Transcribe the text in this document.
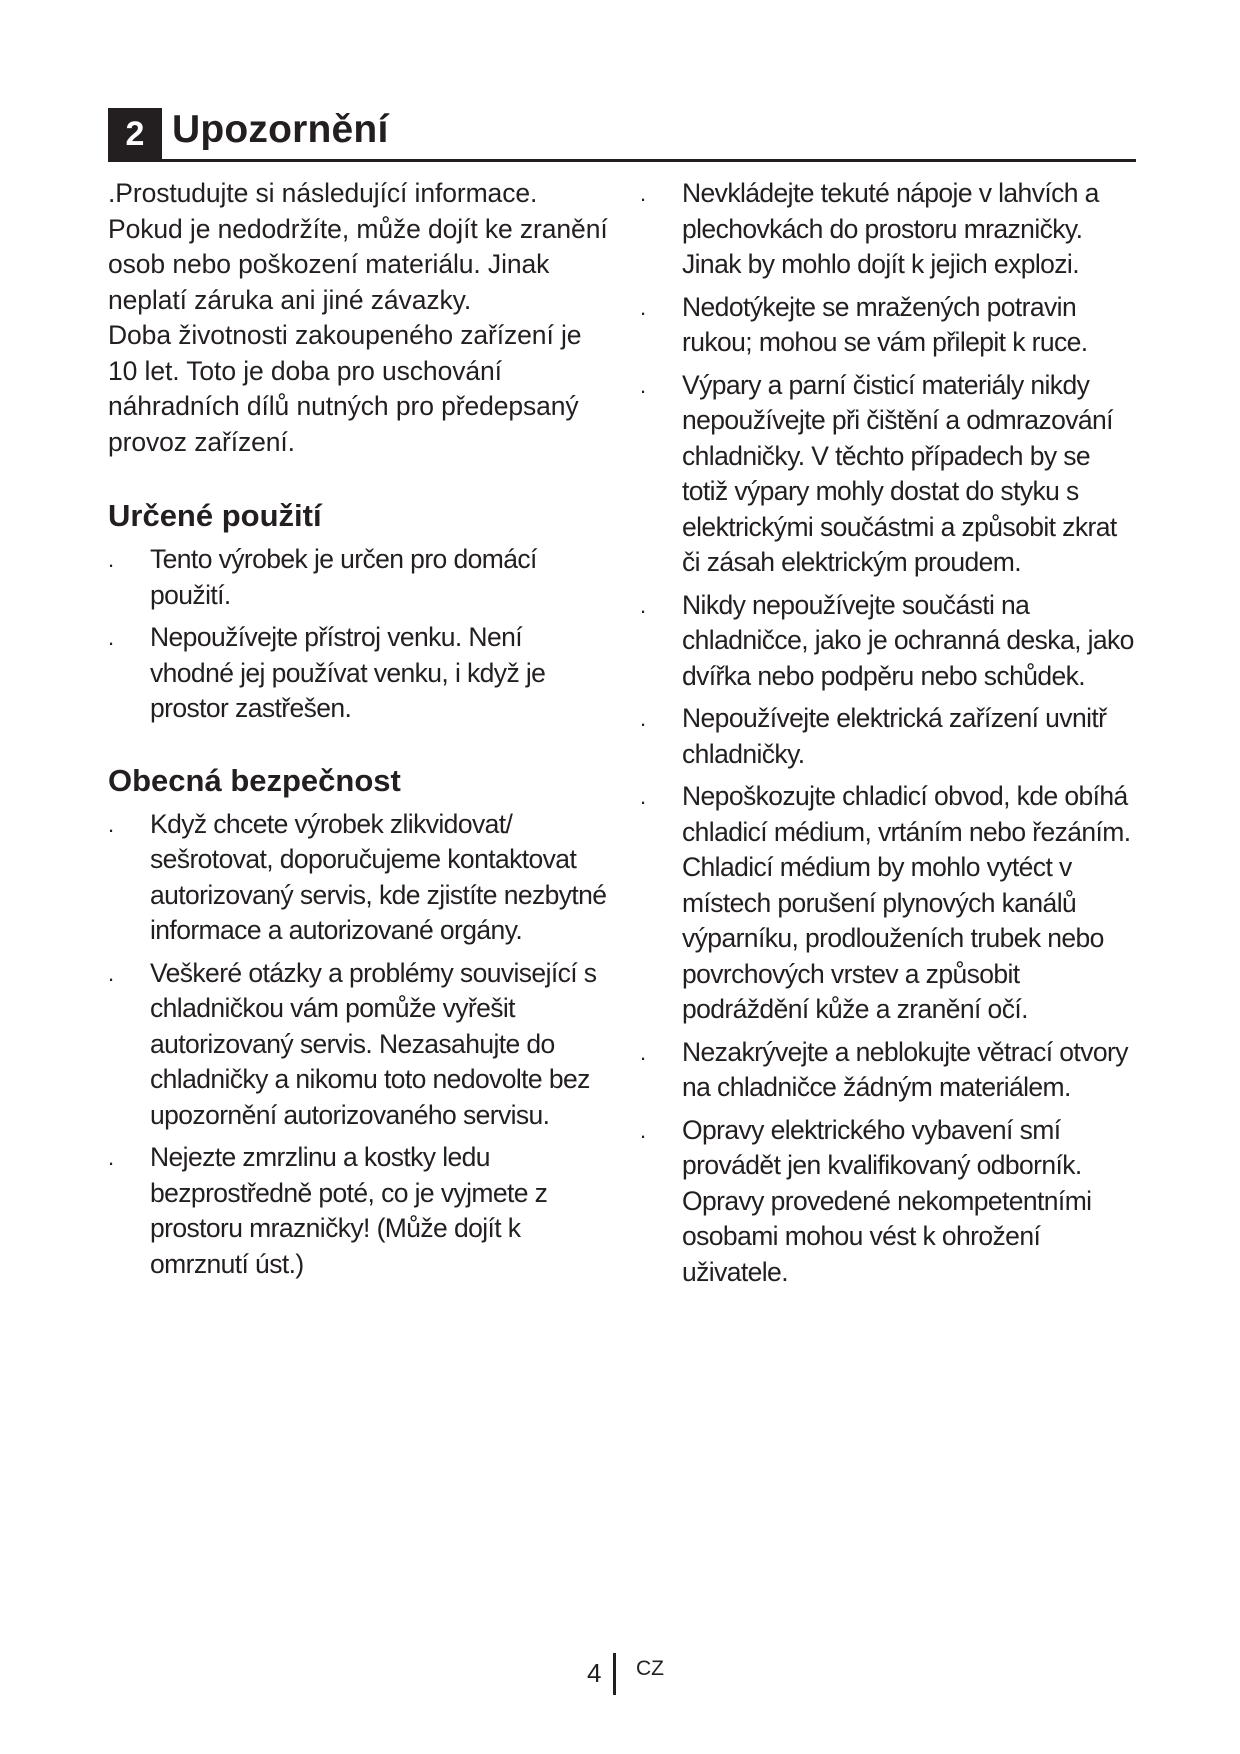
2 Upozornění

.Prostudujte si následující informace. Pokud je nedodržíte, může dojít ke zranění osob nebo poškození materiálu. Jinak neplatí záruka ani jiné závazky.

Doba životnosti zakoupeného zařízení je 10 let. Toto je doba pro uschování náhradních dílů nutných pro předepsaný provoz zařízení.

Určené použití
. Tento výrobek je určen pro domácí použití.
. Nepoužívejte přístroj venku. Není vhodné jej používat venku, i když je prostor zastřešen.
Obecná bezpečnost
. Když chcete výrobek zlikvidovat/ sešrotovat, doporučujeme kontaktovat autorizovaný servis, kde zjistíte nezbytné informace a autorizované orgány.
. Veškeré otázky a problémy související s chladničkou vám pomůže vyřešit autorizovaný servis. Nezasahujte do chladničky a nikomu toto nedovolte bez upozornění autorizovaného servisu.
. Nejezte zmrzlinu a kostky ledu bezprostředně poté, co je vyjmete z prostoru mrazničky! (Může dojít k omrznutí úst.)
. Nevkládejte tekuté nápoje v lahvích a plechovkách do prostoru mrazničky. Jinak by mohlo dojít k jejich explozi.
. Nedotýkejte se mražených potravin rukou; mohou se vám přilepit k ruce.
. Výpary a parní čisticí materiály nikdy nepoužívejte při čištění a odmrazování chladničky. V těchto případech by se totiž výpary mohly dostat do styku s elektrickými součástmi a způsobit zkrat či zásah elektrickým proudem.
. Nikdy nepoužívejte součásti na chladničce, jako je ochranná deska, jako dvířka nebo podpěru nebo schůdek.
. Nepoužívejte elektrická zařízení uvnitř chladničky.
. Nepoškozujte chladicí obvod, kde obíhá chladicí médium, vrtáním nebo řezáním. Chladicí médium by mohlo vytéct v místech porušení plynových kanálů výparníku, prodlouženích trubek nebo povrchových vrstev a způsobit podráždění kůže a zranění očí.
. Nezakrývejte a neblokujte větrací otvory na chladničce žádným materiálem.
. Opravy elektrického vybavení smí provádět jen kvalifikovaný odborník. Opravy provedené nekompetentními osobami mohou vést k ohrožení uživatele.
4 CZ
